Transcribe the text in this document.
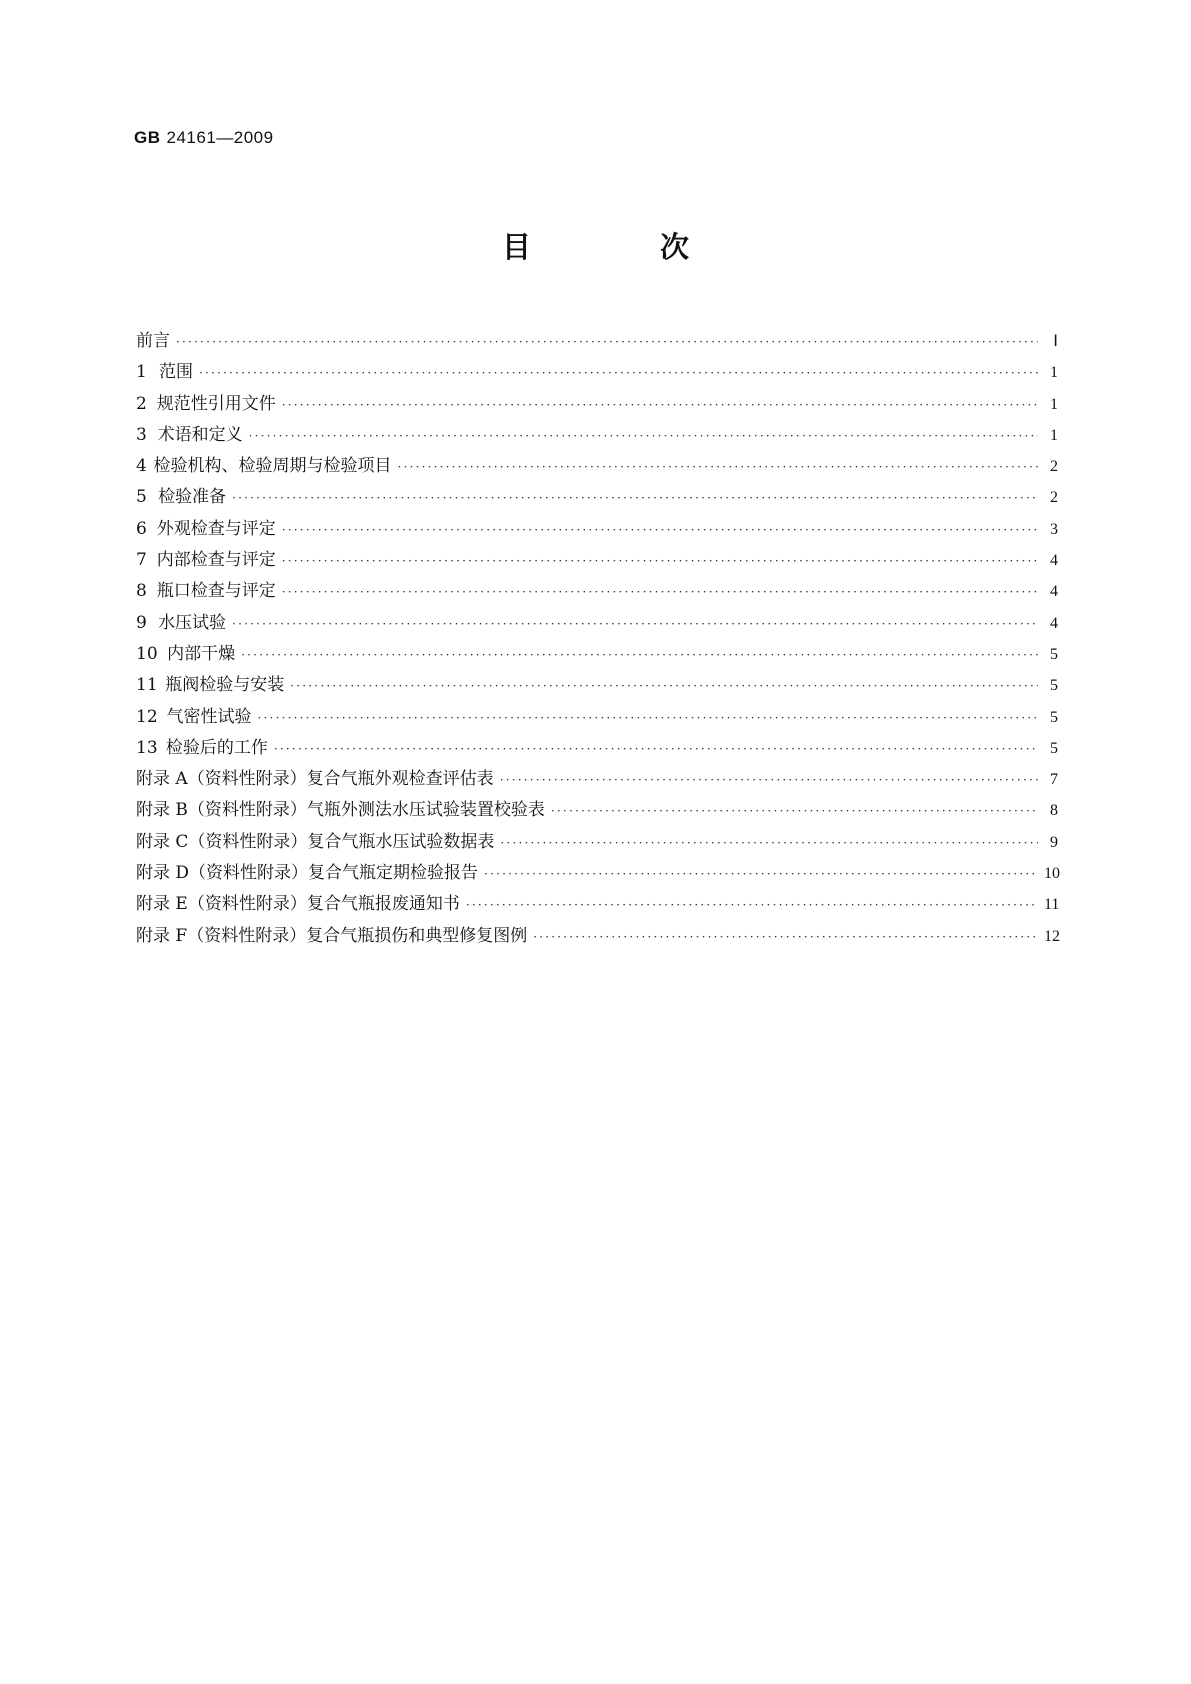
GB 24161—2009
目　次
前言 ·····	Ⅰ
1 范围 ·····	1
2 规范性引用文件 ·····	1
3 术语和定义 ·····	1
4 检验机构、检验周期与检验项目 ·····	2
5 检验准备 ·····	2
6 外观检查与评定 ·····	3
7 内部检查与评定 ·····	4
8 瓶口检查与评定 ·····	4
9 水压试验 ·····	4
10 内部干燥 ·····	5
11 瓶阀检验与安装 ·····	5
12 气密性试验 ·····	5
13 检验后的工作 ·····	5
附录 A（资料性附录） 复合气瓶外观检查评估表 ·····	7
附录 B（资料性附录） 气瓶外测法水压试验装置校验表 ·····	8
附录 C（资料性附录） 复合气瓶水压试验数据表 ·····	9
附录 D（资料性附录） 复合气瓶定期检验报告 ·····	10
附录 E（资料性附录） 复合气瓶报废通知书 ·····	11
附录 F（资料性附录） 复合气瓶损伤和典型修复图例 ·····	12
